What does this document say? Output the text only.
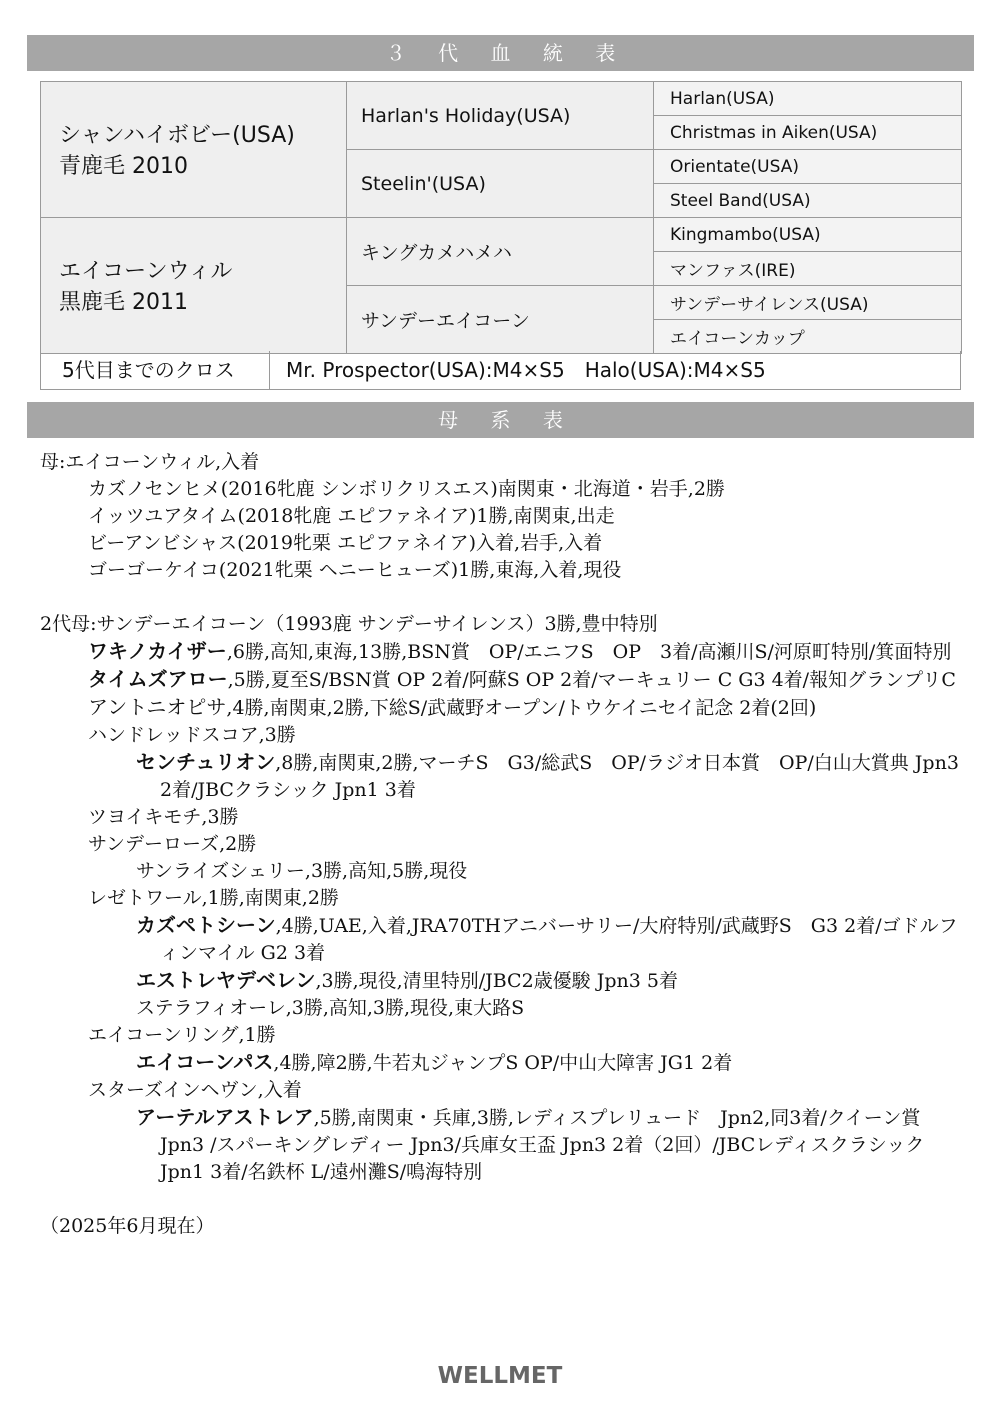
３ 代 血 統 表
シャンハイボビー(USA)
青鹿毛 2010	Harlan's Holiday(USA)	Harlan(USA)
		Christmas in Aiken(USA)
	Steelin'(USA)	Orientate(USA)
		Steel Band(USA)

エイコーンウィル
黒鹿毛 2011	キングカメハメハ	Kingmambo(USA)
		マンファス(IRE)
	サンデーエイコーン	サンデーサイレンス(USA)
		エイコーンカップ
5代目までのクロス	Mr. Prospector(USA):M4×S5　Halo(USA):M4×S5
母 系 表
母:エイコーンウィル,入着
カズノセンヒメ(2016牝鹿 シンボリクリスエス)南関東・北海道・岩手,2勝
イッツユアタイム(2018牝鹿 エピファネイア)1勝,南関東,出走
ビーアンビシャス(2019牝栗 エピファネイア)入着,岩手,入着
ゴーゴーケイコ(2021牝栗 ヘニーヒューズ)1勝,東海,入着,現役
2代母:サンデーエイコーン（1993鹿 サンデーサイレンス）3勝,豊中特別
ワキノカイザー,6勝,高知,東海,13勝,BSN賞　OP/エニフS　OP　3着/高瀬川S/河原町特別/箕面特別
タイムズアロー,5勝,夏至S/BSN賞 OP 2着/阿蘇S OP 2着/マーキュリー C G3 4着/報知グランプリC
アントニオピサ,4勝,南関東,2勝,下総S/武蔵野オープン/トウケイニセイ記念 2着(2回)
ハンドレッドスコア,3勝
センチュリオン,8勝,南関東,2勝,マーチS　G3/総武S　OP/ラジオ日本賞　OP/白山大賞典 Jpn3 2着/JBCクラシック Jpn1 3着
ツヨイキモチ,3勝
サンデーローズ,2勝
サンライズシェリー,3勝,高知,5勝,現役
レゼトワール,1勝,南関東,2勝
カズペトシーン,4勝,UAE,入着,JRA70THアニバーサリー/大府特別/武蔵野S　G3 2着/ゴドルフィンマイル G2 3着
エストレヤデベレン,3勝,現役,清里特別/JBC2歳優駿 Jpn3 5着
ステラフィオーレ,3勝,高知,3勝,現役,東大路S
エイコーンリング,1勝
エイコーンパス,4勝,障2勝,牛若丸ジャンプS OP/中山大障害 JG1 2着
スターズインヘヴン,入着
アーテルアストレア,5勝,南関東・兵庫,3勝,レディスプレリュード　Jpn2,同3着/クイーン賞 Jpn3 /スパーキングレディー Jpn3/兵庫女王盃 Jpn3 2着（2回）/JBCレディスクラシック Jpn1 3着/名鉄杯 L/遠州灘S/鳴海特別
（2025年6月現在）
WELLMET
